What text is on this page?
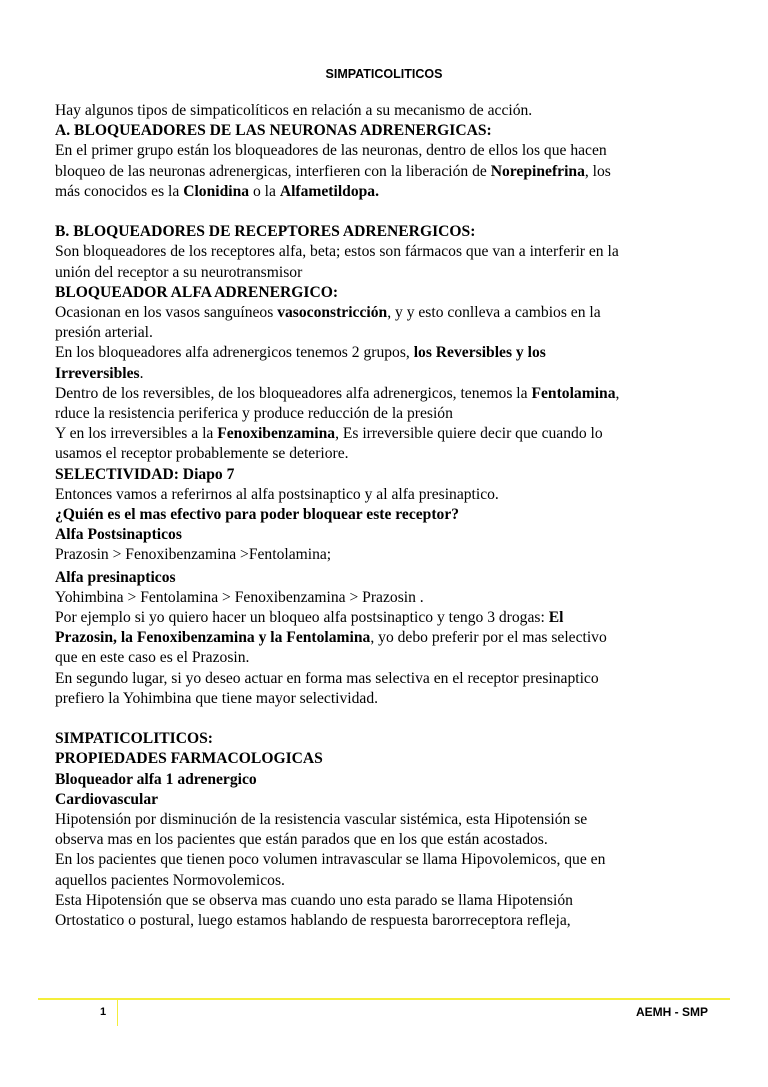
SIMPATICOLITICOS

Hay algunos tipos de simpaticolíticos en relación a su mecanismo de acción.

A. BLOQUEADORES DE LAS NEURONAS ADRENERGICAS:

En el primer grupo están los bloqueadores de las neuronas, dentro de ellos los que hacen

bloqueo de las neuronas adrenergicas, interfieren con la liberación de Norepinefrina, los

más conocidos es la Clonidina o la Alfametildopa.

B. BLOQUEADORES DE RECEPTORES ADRENERGICOS:

Son bloqueadores de los receptores alfa, beta; estos son fármacos que van a interferir en la

unión del receptor a su neurotransmisor

BLOQUEADOR ALFA ADRENERGICO:

Ocasionan en los vasos sanguíneos vasoconstricción, y y esto conlleva a cambios en la

presión arterial.

En los bloqueadores alfa adrenergicos tenemos 2 grupos, los Reversibles y los

Irreversibles.

Dentro de los reversibles, de los bloqueadores alfa adrenergicos, tenemos la Fentolamina,

rduce la resistencia periferica y produce reducción de la presión

Y en los irreversibles a la Fenoxibenzamina, Es irreversible quiere decir que cuando lo

usamos el receptor probablemente se deteriore.

SELECTIVIDAD: Diapo 7

Entonces vamos a referirnos al alfa postsinaptico y al alfa presinaptico.

¿Quién es el mas efectivo para poder bloquear este receptor?

Alfa Postsinapticos

Prazosin > Fenoxibenzamina >Fentolamina;

Alfa presinapticos

Yohimbina > Fentolamina > Fenoxibenzamina > Prazosin .

Por ejemplo si yo quiero hacer un bloqueo alfa postsinaptico y tengo 3 drogas: El

Prazosin, la Fenoxibenzamina y la Fentolamina, yo debo preferir por el mas selectivo

que en este caso es el Prazosin.

En segundo lugar, si yo deseo actuar en forma mas selectiva en el receptor presinaptico

prefiero la Yohimbina que tiene mayor selectividad.

SIMPATICOLITICOS:

PROPIEDADES FARMACOLOGICAS

Bloqueador alfa 1 adrenergico

Cardiovascular

Hipotensión por disminución de la resistencia vascular sistémica, esta Hipotensión se

observa mas en los pacientes que están parados que en los que están acostados.

En los pacientes que tienen poco volumen intravascular se llama Hipovolemicos, que en

aquellos pacientes Normovolemicos.

Esta Hipotensión que se observa mas cuando uno esta parado se llama Hipotensión

Ortostatico o postural, luego estamos hablando de respuesta barorreceptora refleja,

1	AEMH - SMP
